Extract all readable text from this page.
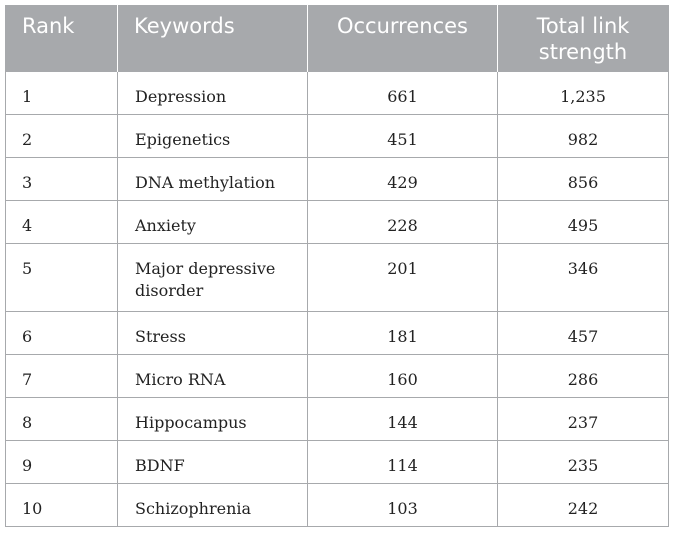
Rank	Keywords	Occurrences	Total link strength
1	Depression	661	1,235
2	Epigenetics	451	982
3	DNA methylation	429	856
4	Anxiety	228	495
5	Major depressive disorder	201	346
6	Stress	181	457
7	Micro RNA	160	286
8	Hippocampus	144	237
9	BDNF	114	235
10	Schizophrenia	103	242
